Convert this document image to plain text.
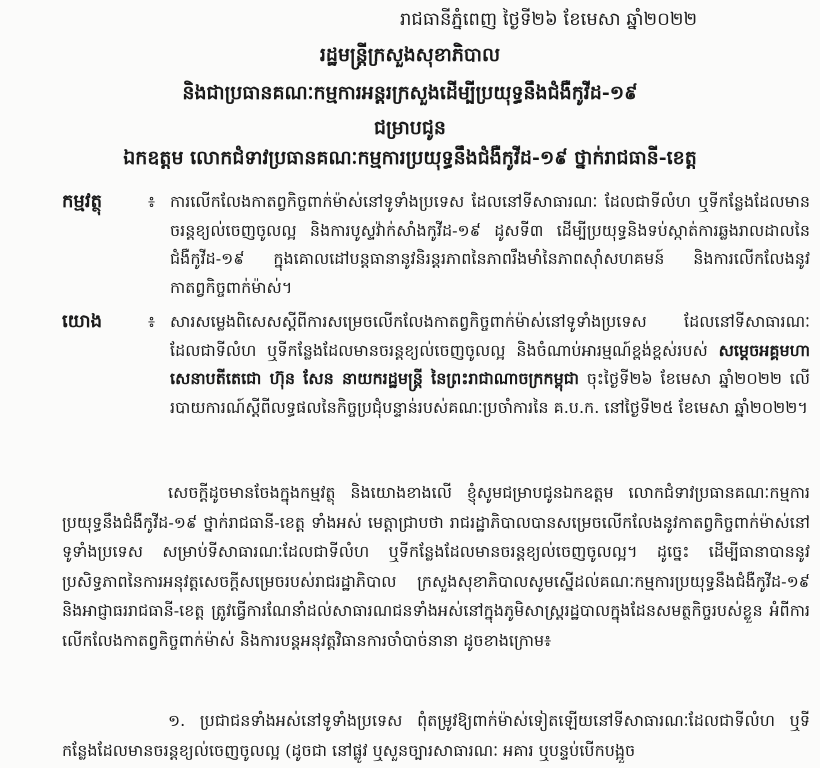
រាជធានីភ្នំពេញ ថ្ងៃទី២៦ ខែមេសា ឆ្នាំ២០២២
រដ្ឋមន្ត្រីក្រសួងសុខាភិបាល
និងជាប្រធានគណៈកម្មការអន្តរក្រសួងដើម្បីប្រយុទ្ធនឹងជំងឺកូវីដ-១៩
ជម្រាបជូន
ឯកឧត្តម លោកជំទាវប្រធានគណៈកម្មការប្រយុទ្ធនឹងជំងឺកូវីដ-១៩ ថ្នាក់រាជធានី-ខេត្ត
កម្មវត្ថុ	៖ ការលើកលែងកាតព្វកិច្ចពាក់ម៉ាស់នៅទូទាំងប្រទេស ដែលនៅទីសាធារណៈ ដែលជាទីលំហ ឬទីកន្លែងដែលមានចរន្តខ្យល់ចេញចូលល្អ និងការបូស្ទវ៉ាក់សាំងកូវីដ-១៩ ដូសទី៣ ដើម្បីប្រយុទ្ធនិងទប់ស្កាត់ការឆ្លងរាលដាលនៃជំងឺកូវីដ-១៩ ក្នុងគោលដៅបន្តធានានូវនិរន្តរភាពនៃភាពរឹងមាំនៃភាពស៊ាំសហគមន៍ និងការលើកលែងនូវកាតព្វកិច្ចពាក់ម៉ាស់។
យោង	៖ សារសម្លេងពិសេសស្តីពីការសម្រេចលើកលែងកាតព្វកិច្ចពាក់ម៉ាស់នៅទូទាំងប្រទេស ដែលនៅទីសាធារណៈ ដែលជាទីលំហ ឬទីកន្លែងដែលមានចរន្តខ្យល់ចេញចូលល្អ និងចំណាប់អារម្មណ៍ខ្ពង់ខ្ពស់របស់ សម្តេចអគ្គមហាសេនាបតីតេជោ ហ៊ុន សែន នាយករដ្ឋមន្ត្រី នៃព្រះរាជាណាចក្រកម្ពុជា ចុះថ្ងៃទី២៦ ខែមេសា ឆ្នាំ២០២២ លើរបាយការណ៍ស្តីពីលទ្ធផលនៃកិច្ចប្រជុំបន្ទាន់របស់គណៈប្រចាំការនៃ គ.ប.ក. នៅថ្ងៃទី២៥ ខែមេសា ឆ្នាំ២០២២។
សេចក្តីដូចមានចែងក្នុងកម្មវត្ថុ និងយោងខាងលើ ខ្ញុំសូមជម្រាបជូនឯកឧត្តម លោកជំទាវប្រធានគណៈកម្មការប្រយុទ្ធនឹងជំងឺកូវីដ-១៩ ថ្នាក់រាជធានី-ខេត្ត ទាំងអស់ មេត្តាជ្រាបថា រាជរដ្ឋាភិបាលបានសម្រេចលើកលែងនូវកាតព្វកិច្ចពាក់ម៉ាស់នៅទូទាំងប្រទេស សម្រាប់ទីសាធារណៈដែលជាទីលំហ ឬទីកន្លែងដែលមានចរន្តខ្យល់ចេញចូលល្អ។ ដូច្នេះ ដើម្បីធានាបាននូវប្រសិទ្ធភាពនៃការអនុវត្តសេចក្តីសម្រេចរបស់រាជរដ្ឋាភិបាល ក្រសួងសុខាភិបាលសូមស្នើដល់គណៈកម្មការប្រយុទ្ធនឹងជំងឺកូវីដ-១៩ និងអាជ្ញាធររាជធានី-ខេត្ត ត្រូវធ្វើការណែនាំដល់សាធារណជនទាំងអស់នៅក្នុងភូមិសាស្ត្ររដ្ឋបាលក្នុងដែនសមត្ថកិច្ចរបស់ខ្លួន អំពីការលើកលែងកាតព្វកិច្ចពាក់ម៉ាស់ និងការបន្តអនុវត្តវិធានការចាំបាច់នានា ដូចខាងក្រោម៖
១. ប្រជាជនទាំងអស់នៅទូទាំងប្រទេស ពុំតម្រូវឱ្យពាក់ម៉ាស់ទៀតឡើយនៅទីសាធារណៈដែលជាទីលំហ ឬទីកន្លែងដែលមានចរន្តខ្យល់ចេញចូលល្អ (ដូចជា នៅផ្លូវ ឬសួនច្បារសាធារណៈ អគារ ឬបន្ទប់បើកបង្អួច
